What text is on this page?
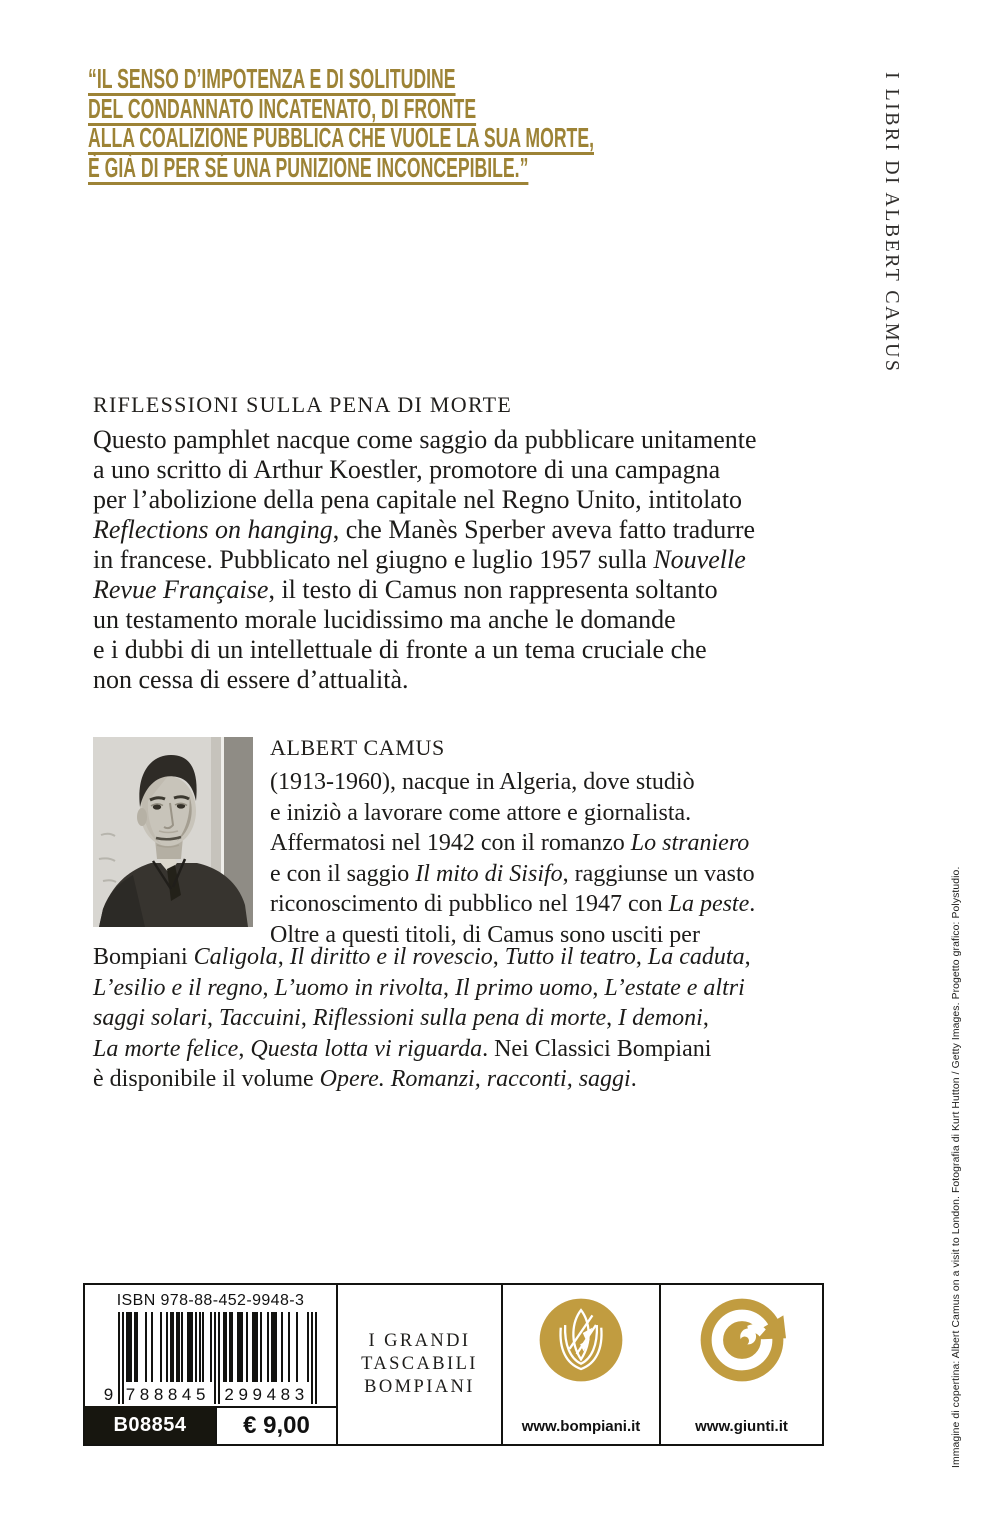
“IL SENSO D’IMPOTENZA E DI SOLITUDINE
DEL CONDANNATO INCATENATO, DI FRONTE
ALLA COALIZIONE PUBBLICA CHE VUOLE LA SUA MORTE,
È GIÀ DI PER SÉ UNA PUNIZIONE INCONCEPIBILE.”	I LIBRI DI ALBERT CAMUS
Immagine di copertina: Albert Camus on a visit to London. Fotografia di Kurt Hutton / Getty Images. Progetto grafico: Polystudio.
RIFLESSIONI SULLA PENA DI MORTE
Questo pamphlet nacque come saggio da pubblicare unitamente
a uno scritto di Arthur Koestler, promotore di una campagna
per l’abolizione della pena capitale nel Regno Unito, intitolato
Reflections on hanging, che Manès Sperber aveva fatto tradurre
in francese. Pubblicato nel giugno e luglio 1957 sulla Nouvelle
Revue Française, il testo di Camus non rappresenta soltanto
un testamento morale lucidissimo ma anche le domande
e i dubbi di un intellettuale di fronte a un tema cruciale che
non cessa di essere d’attualità.
ALBERT CAMUS
(1913-1960), nacque in Algeria, dove studiò
e iniziò a lavorare come attore e giornalista.
Affermatosi nel 1942 con il romanzo Lo straniero
e con il saggio Il mito di Sisifo, raggiunse un vasto
riconoscimento di pubblico nel 1947 con La peste.
Oltre a questi titoli, di Camus sono usciti per
Bompiani Caligola, Il diritto e il rovescio, Tutto il teatro, La caduta,
L’esilio e il regno, L’uomo in rivolta, Il primo uomo, L’estate e altri
saggi solari, Taccuini, Riflessioni sulla pena di morte, I demoni,
La morte felice, Questa lotta vi riguarda. Nei Classici Bompiani
è disponibile il volume Opere. Romanzi, racconti, saggi.
ISBN 978-88-452-9948-3
9 788845 299483
B08854	€ 9,00
I GRANDI
TASCABILI
BOMPIANI
www.bompiani.it	www.giunti.it
